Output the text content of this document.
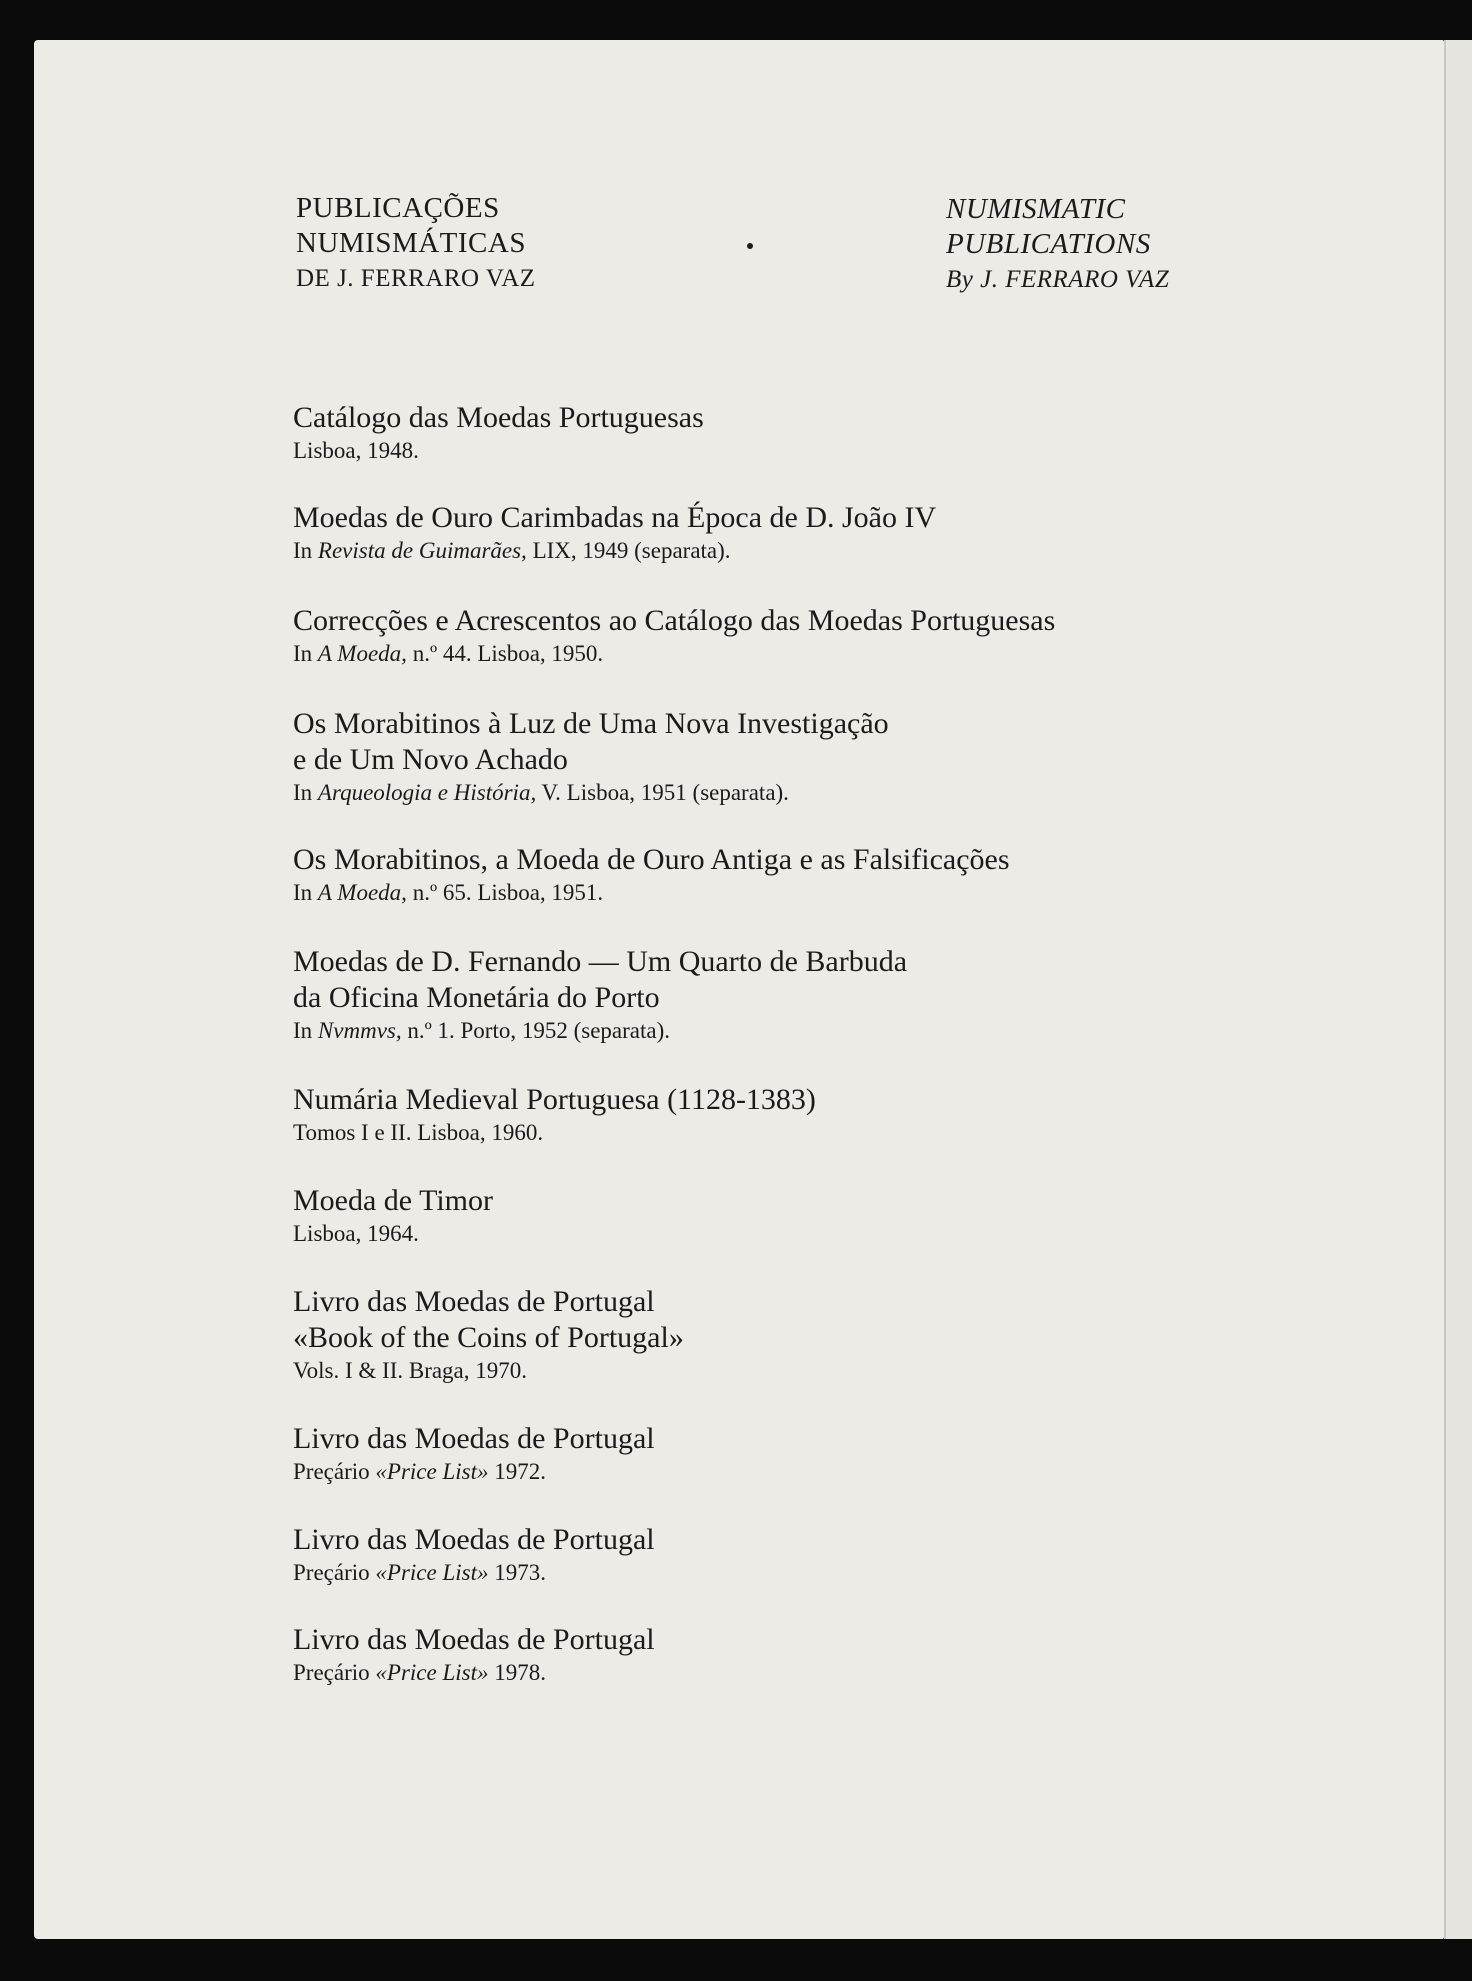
PUBLICAÇÕES
NUMISMÁTICAS
DE J. FERRARO VAZ
NUMISMATIC
PUBLICATIONS
By J. FERRARO VAZ
Catálogo das Moedas Portuguesas
Lisboa, 1948.
Moedas de Ouro Carimbadas na Época de D. João IV
In Revista de Guimarães, LIX, 1949 (separata).
Correcções e Acrescentos ao Catálogo das Moedas Portuguesas
In A Moeda, n.º 44. Lisboa, 1950.
Os Morabitinos à Luz de Uma Nova Investigação
e de Um Novo Achado
In Arqueologia e História, V. Lisboa, 1951 (separata).
Os Morabitinos, a Moeda de Ouro Antiga e as Falsificações
In A Moeda, n.º 65. Lisboa, 1951.
Moedas de D. Fernando — Um Quarto de Barbuda
da Oficina Monetária do Porto
In Nvmmvs, n.º 1. Porto, 1952 (separata).
Numária Medieval Portuguesa (1128-1383)
Tomos I e II. Lisboa, 1960.
Moeda de Timor
Lisboa, 1964.
Livro das Moedas de Portugal
«Book of the Coins of Portugal»
Vols. I & II. Braga, 1970.
Livro das Moedas de Portugal
Preçário «Price List» 1972.
Livro das Moedas de Portugal
Preçário «Price List» 1973.
Livro das Moedas de Portugal
Preçário «Price List» 1978.
